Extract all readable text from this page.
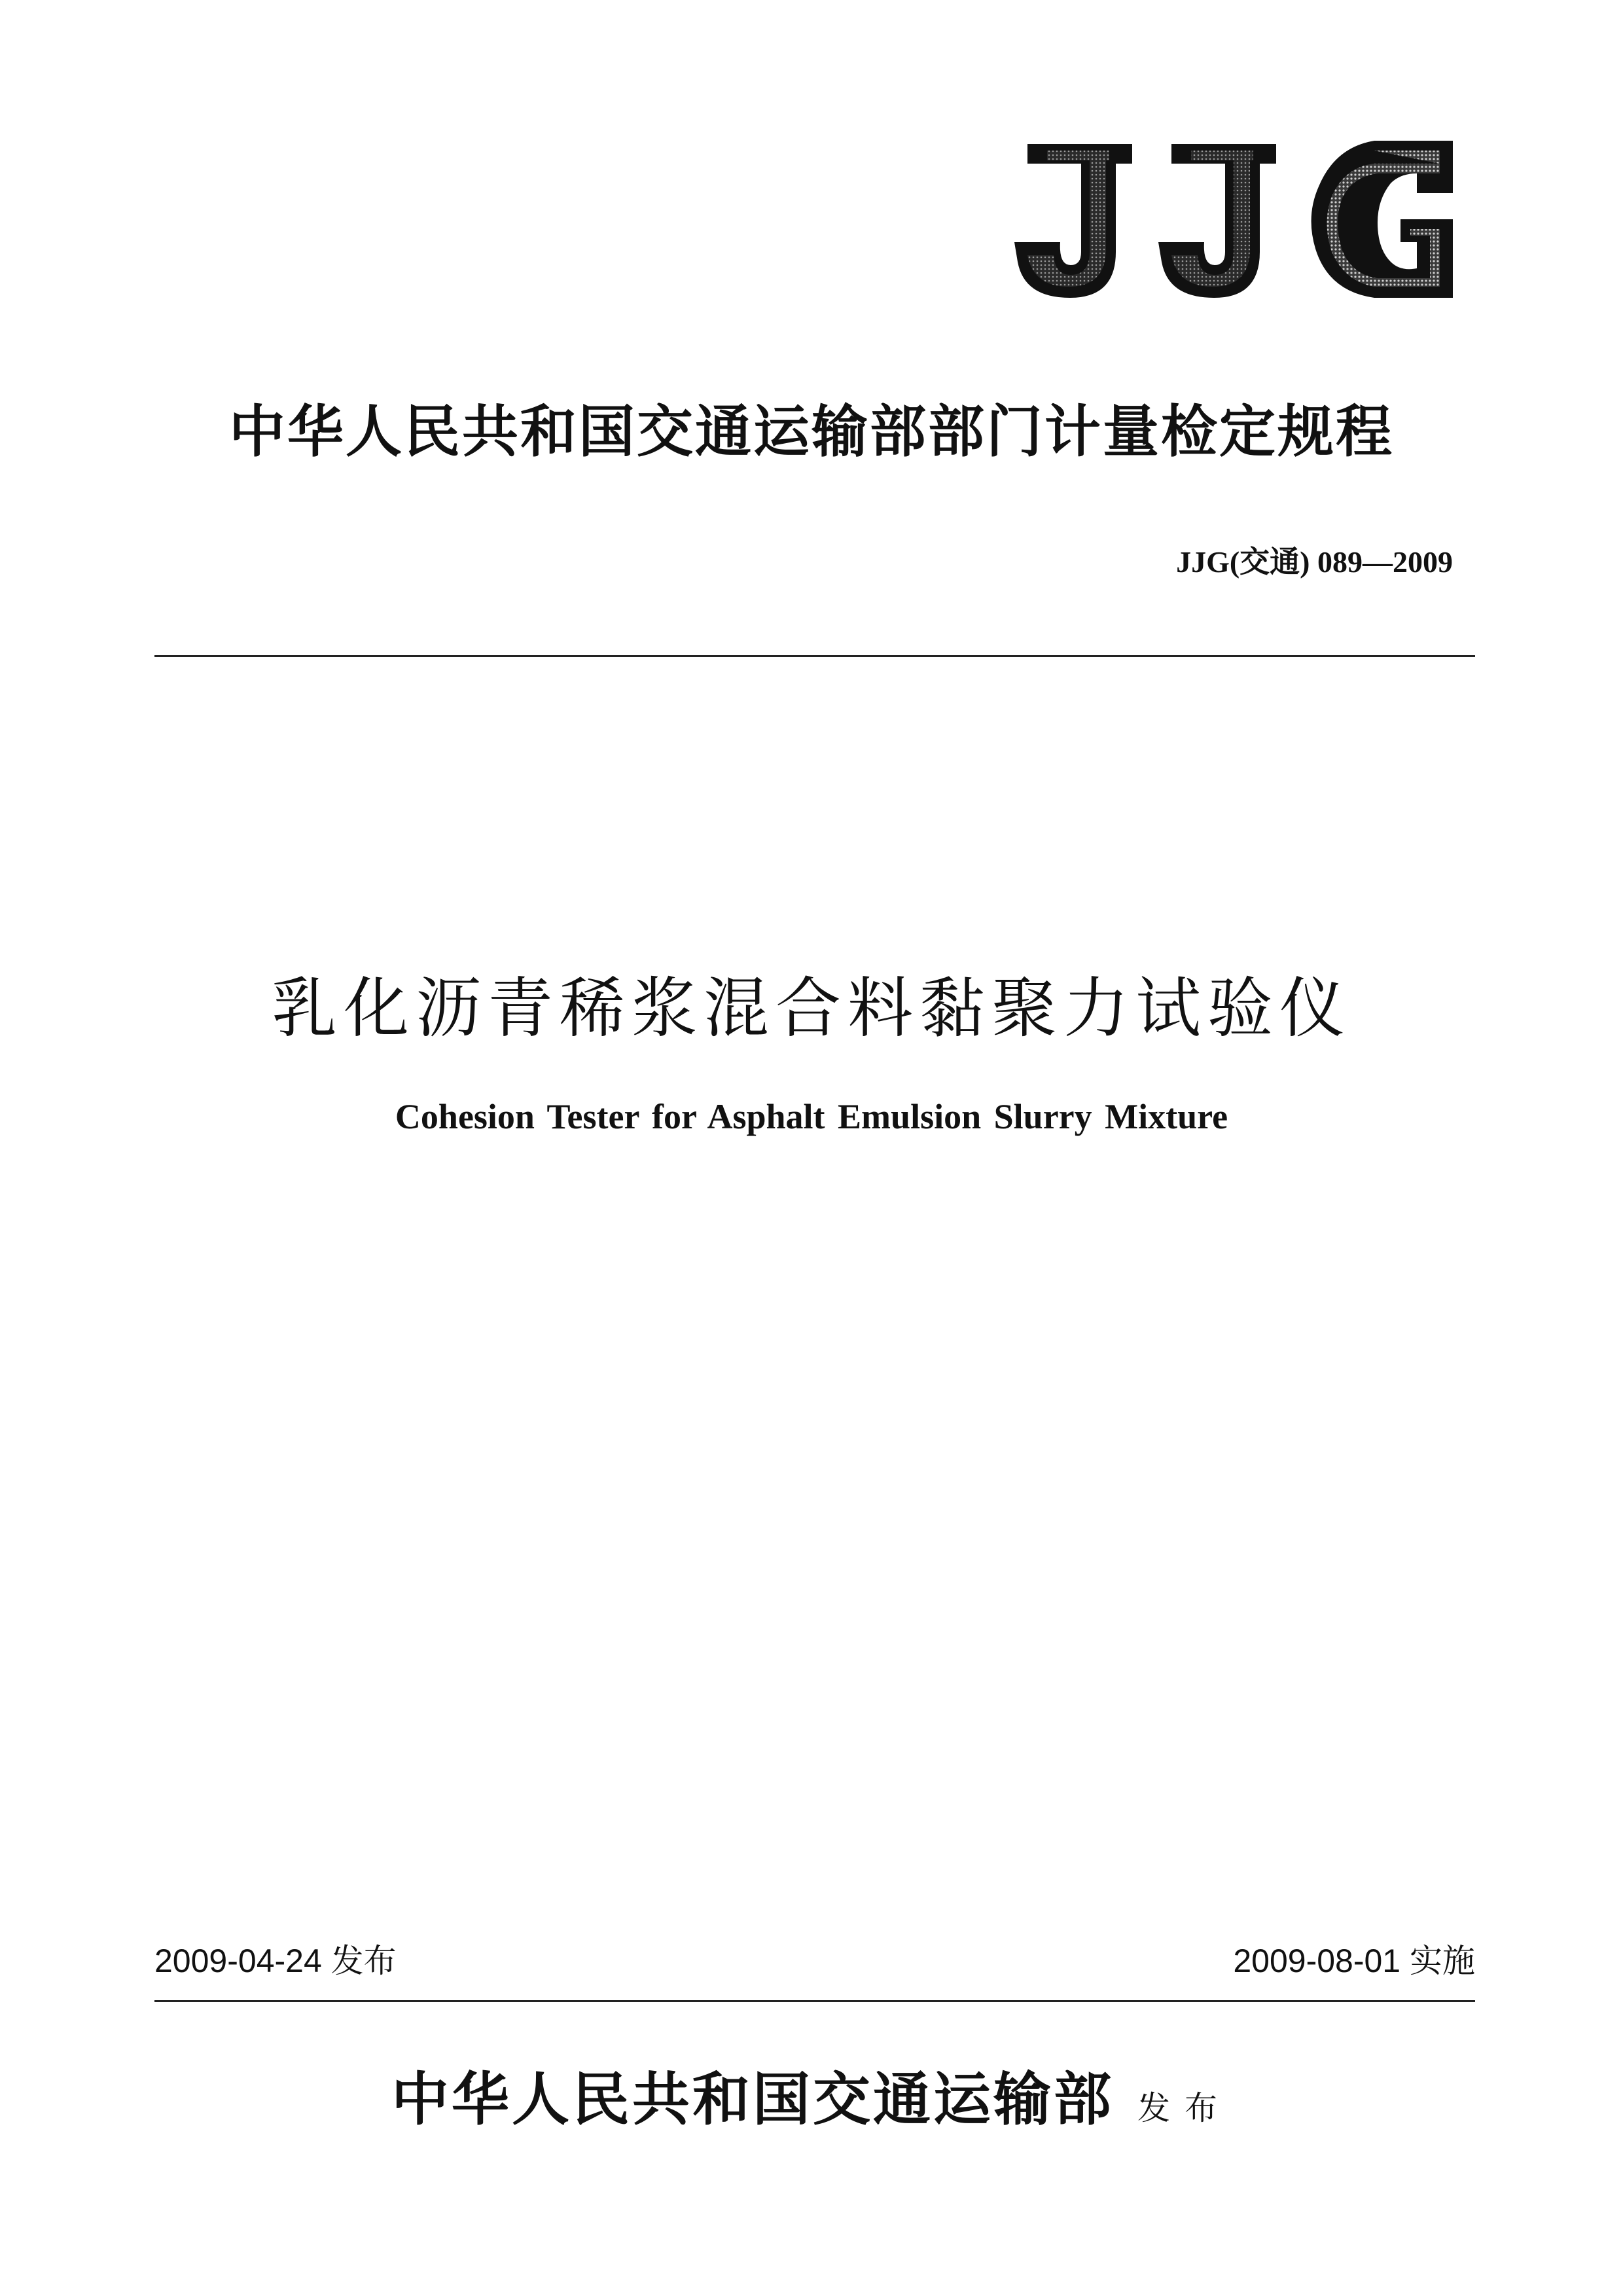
中华人民共和国交通运输部部门计量检定规程
JJG(交通) 089—2009
乳化沥青稀浆混合料黏聚力试验仪
Cohesion Tester for Asphalt Emulsion Slurry Mixture
2009-04-24 发布	2009-08-01 实施
中华人民共和国交通运输部 发布
